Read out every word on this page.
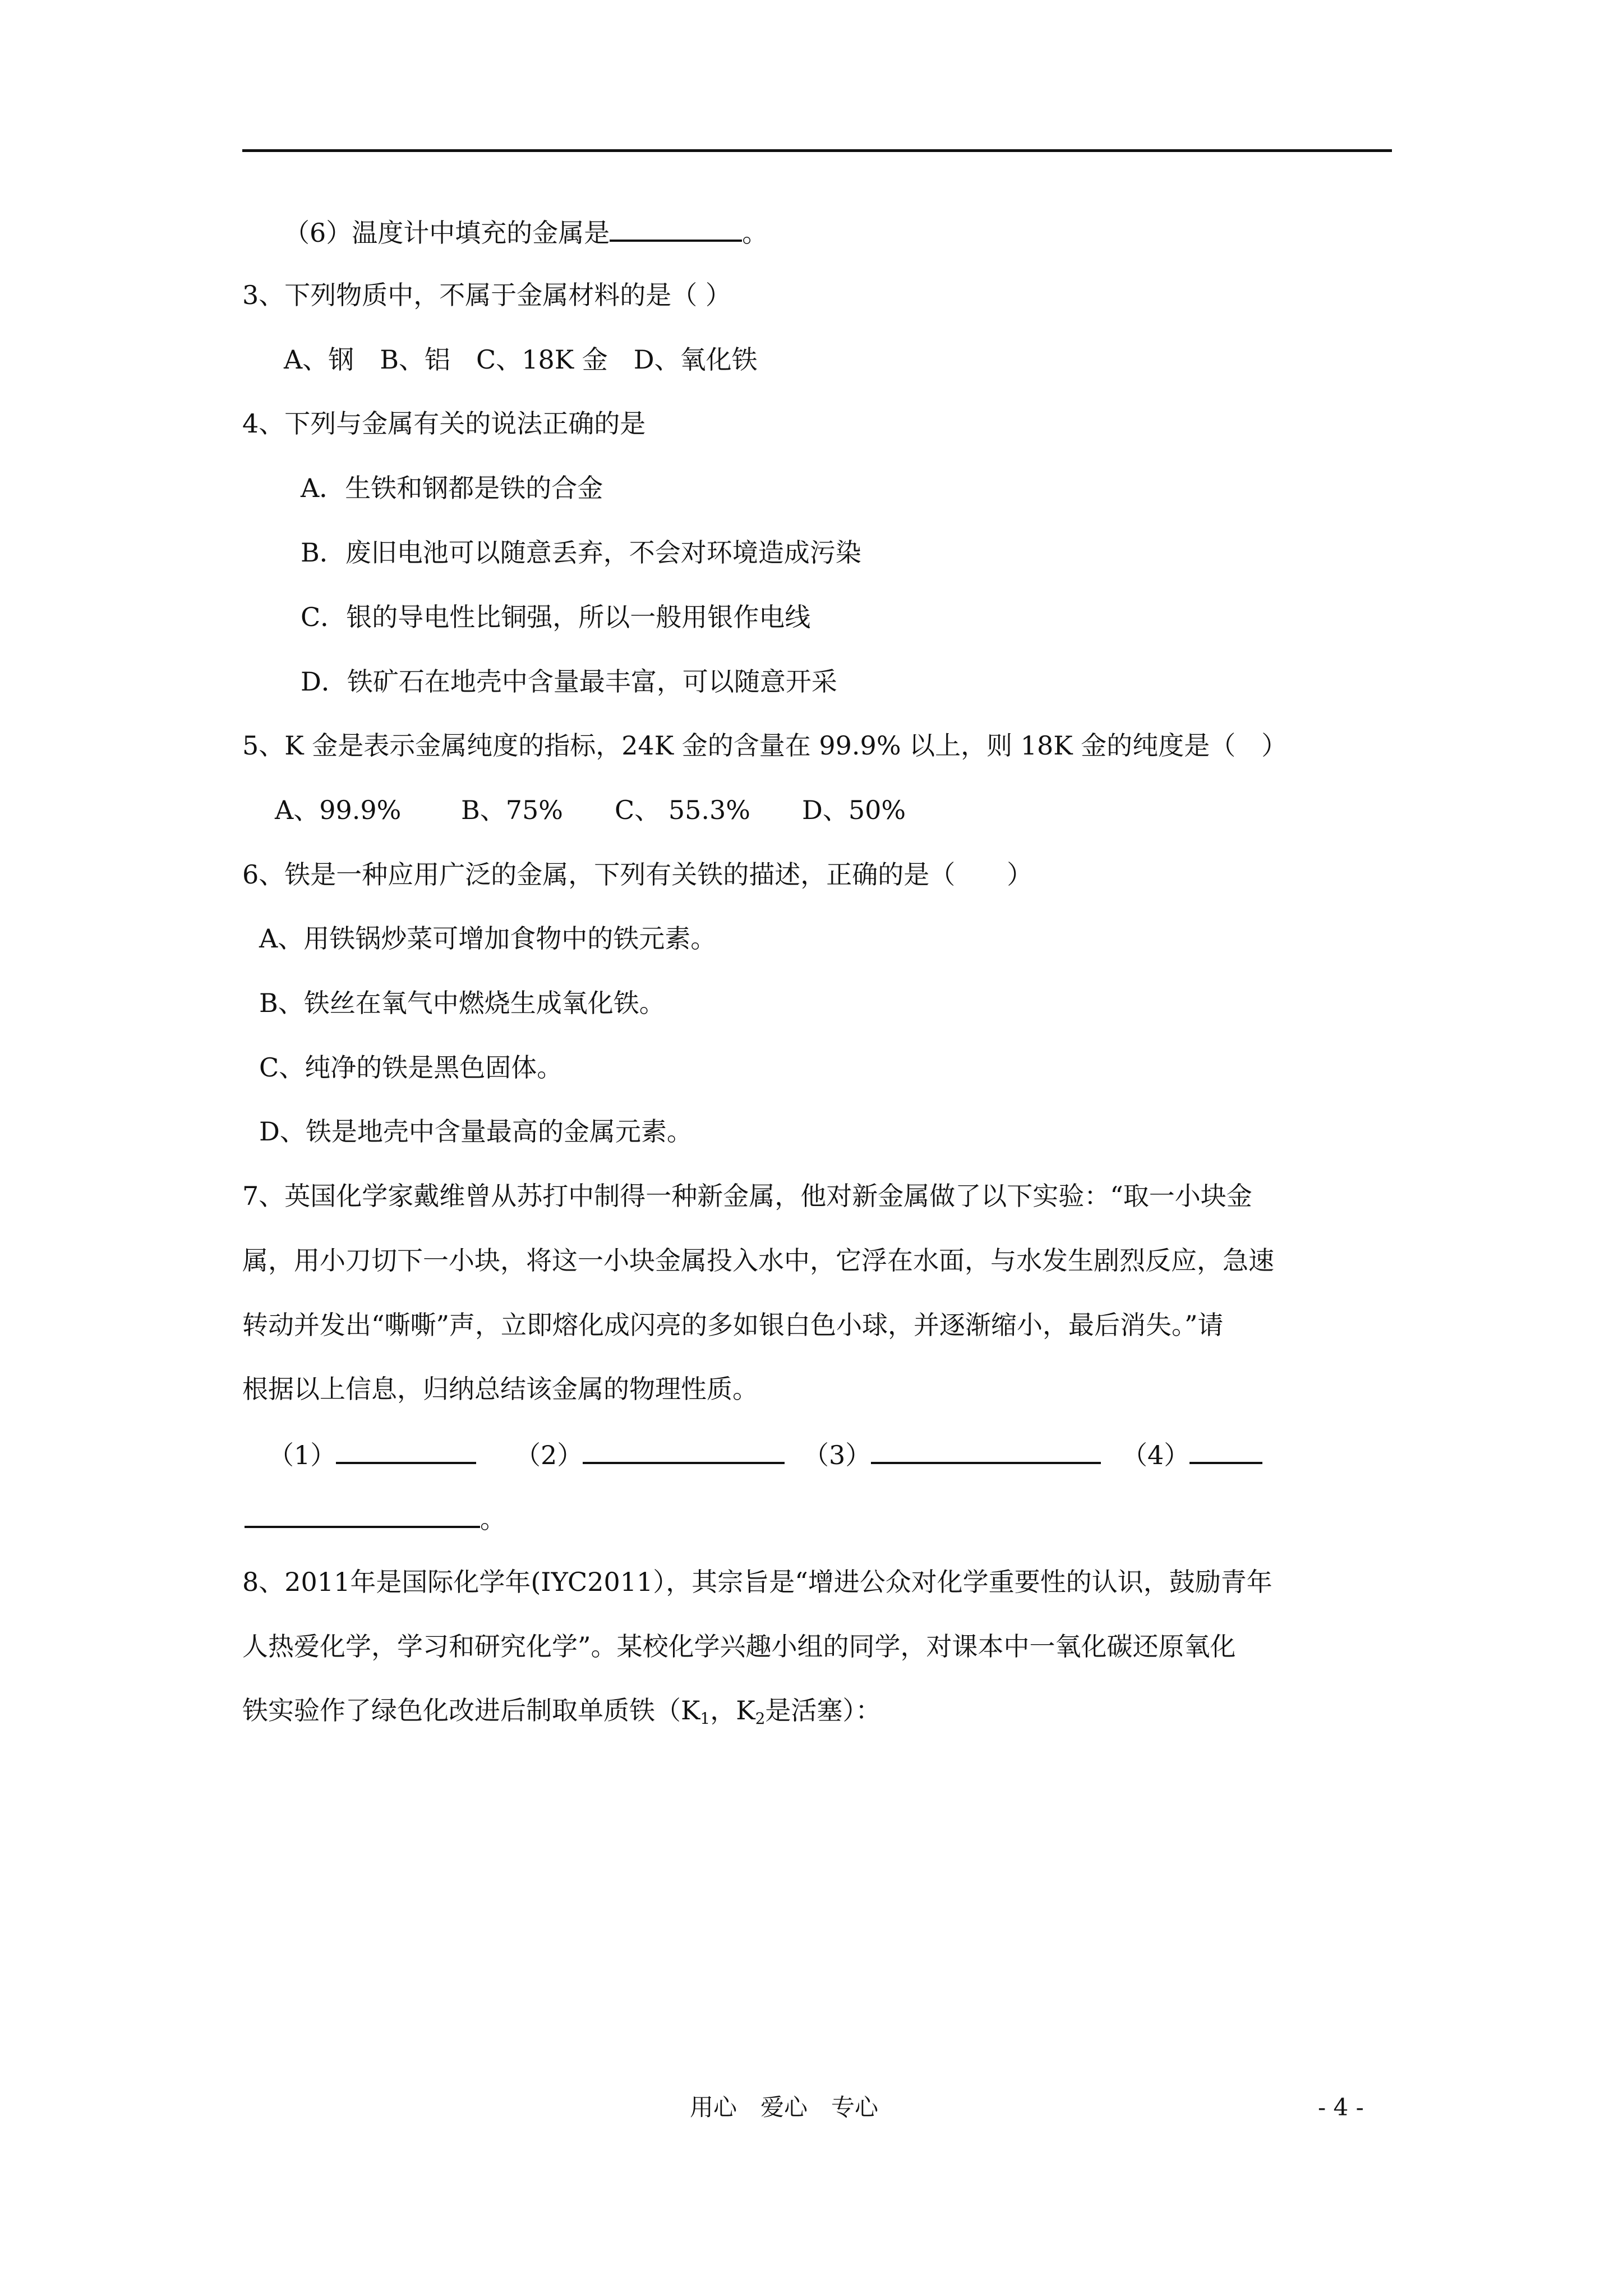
（6）温度计中填充的金属是	。
3、下列物质中，不属于金属材料的是（ ）
A、钢　B、铝　C、18K 金　D、氧化铁
4、下列与金属有关的说法正确的是
A．生铁和钢都是铁的合金
B．废旧电池可以随意丢弃，不会对环境造成污染
C．银的导电性比铜强，所以一般用银作电线
D．铁矿石在地壳中含量最丰富，可以随意开采
5、K 金是表示金属纯度的指标，24K 金的含量在 99.9% 以上，则 18K 金的纯度是（　）
A、99.9%　　 B、75%　　C、 55.3%　　D、50%
6、铁是一种应用广泛的金属，下列有关铁的描述，正确的是（　　）
A、用铁锅炒菜可增加食物中的铁元素。
B、铁丝在氧气中燃烧生成氧化铁。
C、纯净的铁是黑色固体。
D、铁是地壳中含量最高的金属元素。
7、英国化学家戴维曾从苏打中制得一种新金属，他对新金属做了以下实验：“取一小块金
属，用小刀切下一小块，将这一小块金属投入水中，它浮在水面，与水发生剧烈反应，急速
转动并发出“嘶嘶”声，立即熔化成闪亮的多如银白色小球，并逐渐缩小，最后消失。”请
根据以上信息，归纳总结该金属的物理性质。
（1）	（2）	（3）	（4）
。
8、2011年是国际化学年(IYC2011），其宗旨是“增进公众对化学重要性的认识，鼓励青年
人热爱化学，学习和研究化学”。某校化学兴趣小组的同学，对课本中一氧化碳还原氧化
铁实验作了绿色化改进后制取单质铁（$K_1$，$K_2$是活塞）：
用心　爱心　专心	- 4 -
